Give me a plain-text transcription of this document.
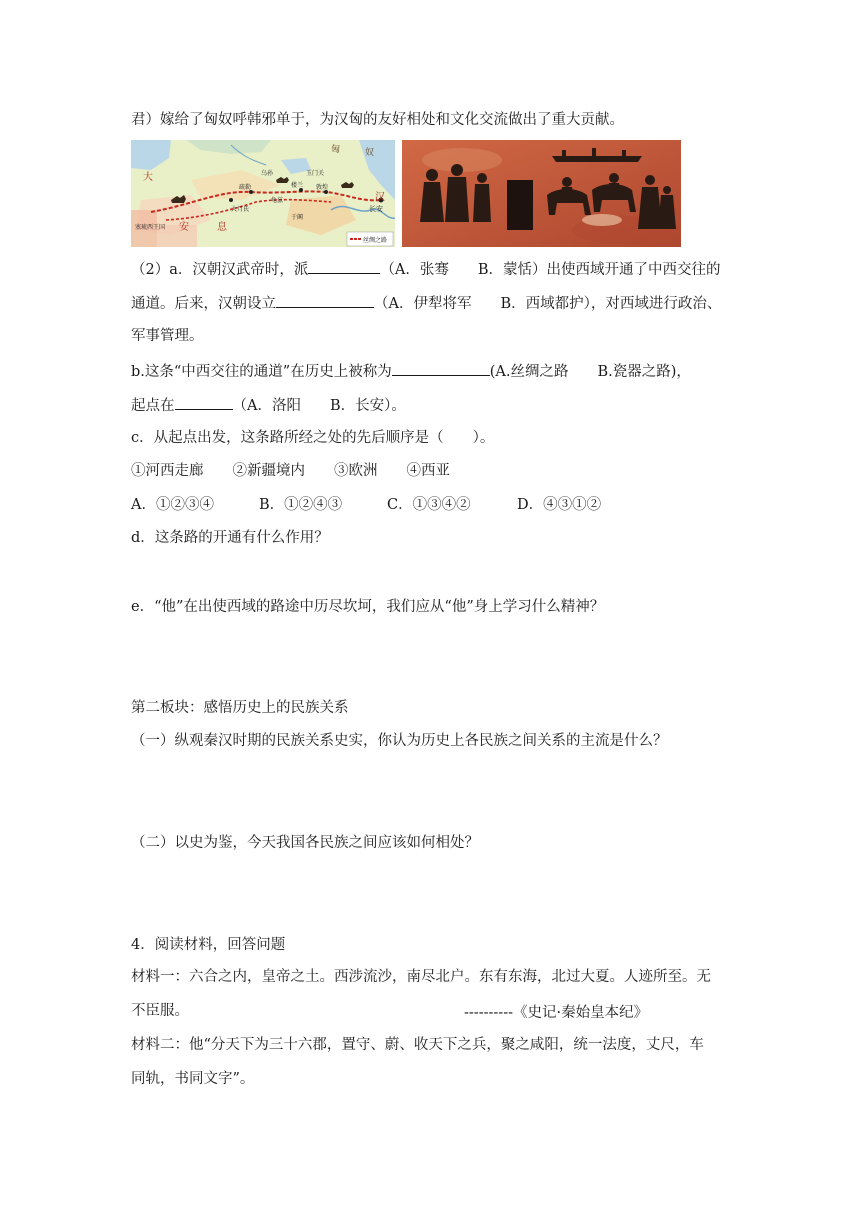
君）嫁给了匈奴呼韩邪单于，为汉匈的友好相处和文化交流做出了重大贡献。
匈	奴
大
安	息
汉
长安
大月氏
敦煌
玉门关
乌孙
龟兹
于阗
疏勒	楼兰
塞琉西王国
丝绸之路
（2）a．汉朝汉武帝时，派	（A．张骞　　B．蒙恬）出使西域开通了中西交往的
通道。后来，汉朝设立	（A．伊犁将军　　B．西域都护），对西域进行政治、
军事管理。
b.这条“中西交往的通道”在历史上被称为	(A.丝绸之路　　B.瓷器之路)，
起点在	（A．洛阳　　B．长安）。
c．从起点出发，这条路所经之处的先后顺序是（　　）。
①河西走廊　　②新疆境内　　③欧洲　　④西亚
A．①②③④	B．①②④③	C．①③④②	D．④③①②
d．这条路的开通有什么作用？
e．“他”在出使西域的路途中历尽坎坷，我们应从“他”身上学习什么精神？
第二板块：感悟历史上的民族关系
（一）纵观秦汉时期的民族关系史实，你认为历史上各民族之间关系的主流是什么？
（二）以史为鉴，今天我国各民族之间应该如何相处？
4．阅读材料，回答问题
材料一：六合之内，皇帝之土。西涉流沙，南尽北户。东有东海，北过大夏。人迹所至。无
不臣服。	----------《史记·秦始皇本纪》
材料二：他“分天下为三十六郡，置守、蔚、收天下之兵，聚之咸阳，统一法度，丈尺，车
同轨，书同文字”。
